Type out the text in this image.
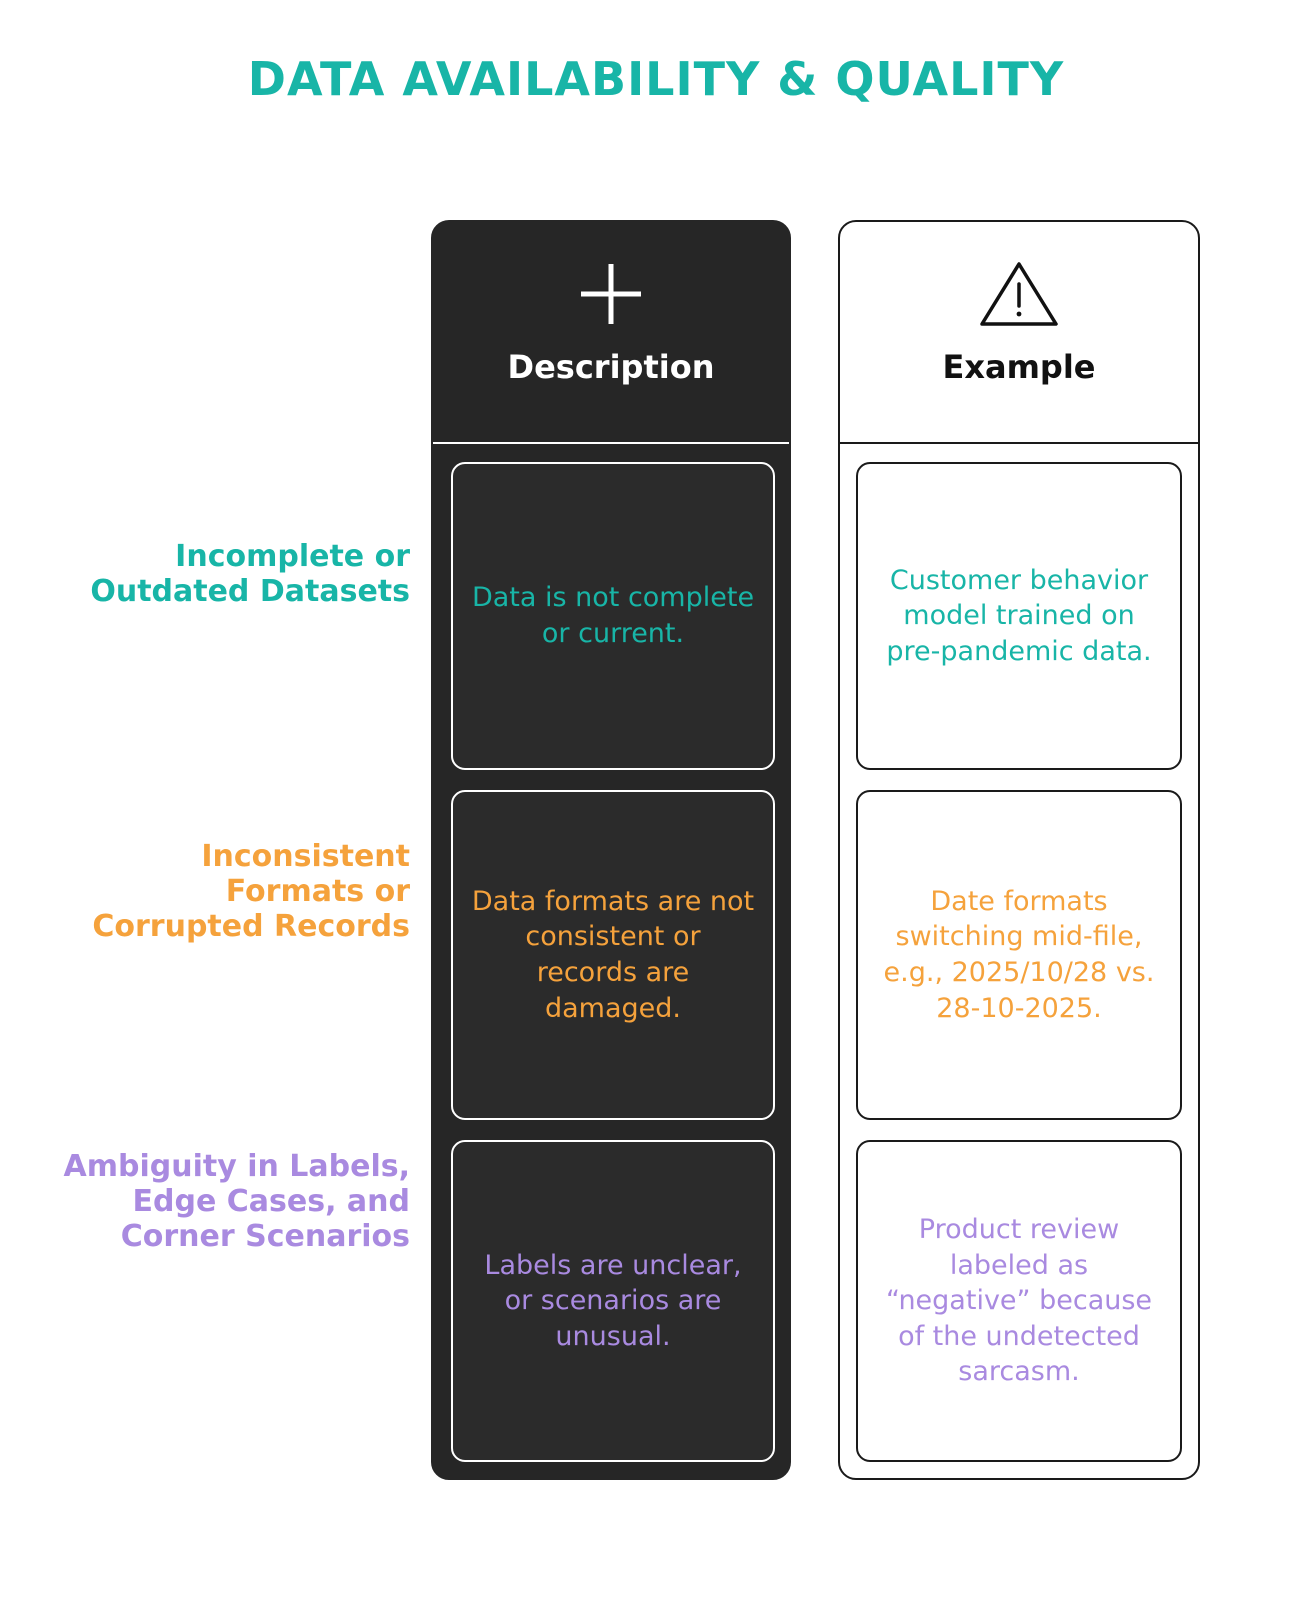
DATA AVAILABILITY & QUALITY
Incomplete or Outdated Datasets
Inconsistent Formats or Corrupted Records
Ambiguity in Labels, Edge Cases, and Corner Scenarios
Description
Data is not complete or current.
Data formats are not consistent or records are damaged.
Labels are unclear, or scenarios are unusual.
Example
Customer behavior model trained on pre-pandemic data.
Date formats switching mid-file, e.g., 2025/10/28 vs. 28-10-2025.
Product review labeled as “negative” because of the undetected sarcasm.
